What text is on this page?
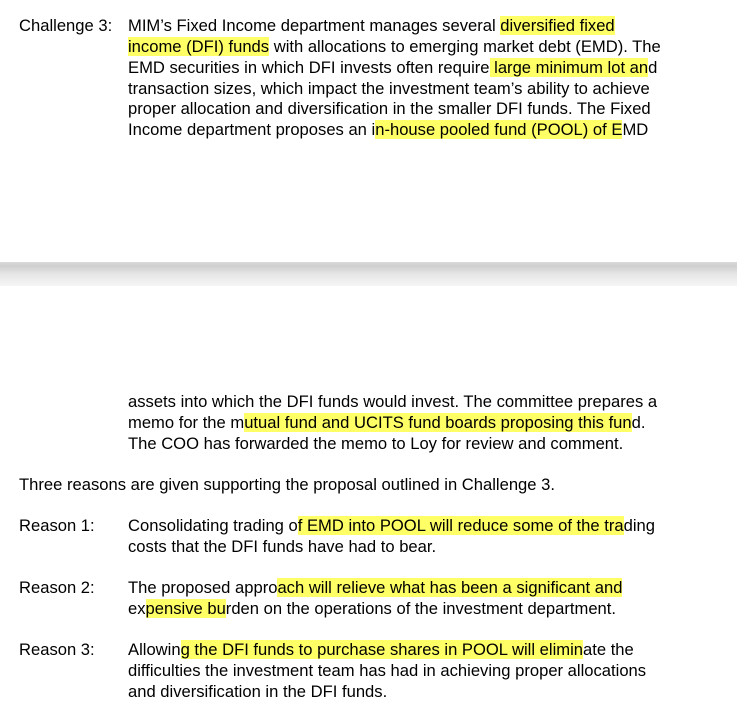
Challenge 3: MIM’s Fixed Income department manages several diversified fixed
income (DFI) funds with allocations to emerging market debt (EMD). The
EMD securities in which DFI invests often require large minimum lot and
transaction sizes, which impact the investment team’s ability to achieve
proper allocation and diversification in the smaller DFI funds. The Fixed
Income department proposes an in-house pooled fund (POOL) of EMD
assets into which the DFI funds would invest. The committee prepares a
memo for the mutual fund and UCITS fund boards proposing this fund.
The COO has forwarded the memo to Loy for review and comment.
Three reasons are given supporting the proposal outlined in Challenge 3.
Reason 1: Consolidating trading of EMD into POOL will reduce some of the trading
costs that the DFI funds have had to bear.
Reason 2: The proposed approach will relieve what has been a significant and
expensive burden on the operations of the investment department.
Reason 3: Allowing the DFI funds to purchase shares in POOL will eliminate the
difficulties the investment team has had in achieving proper allocations
and diversification in the DFI funds.
